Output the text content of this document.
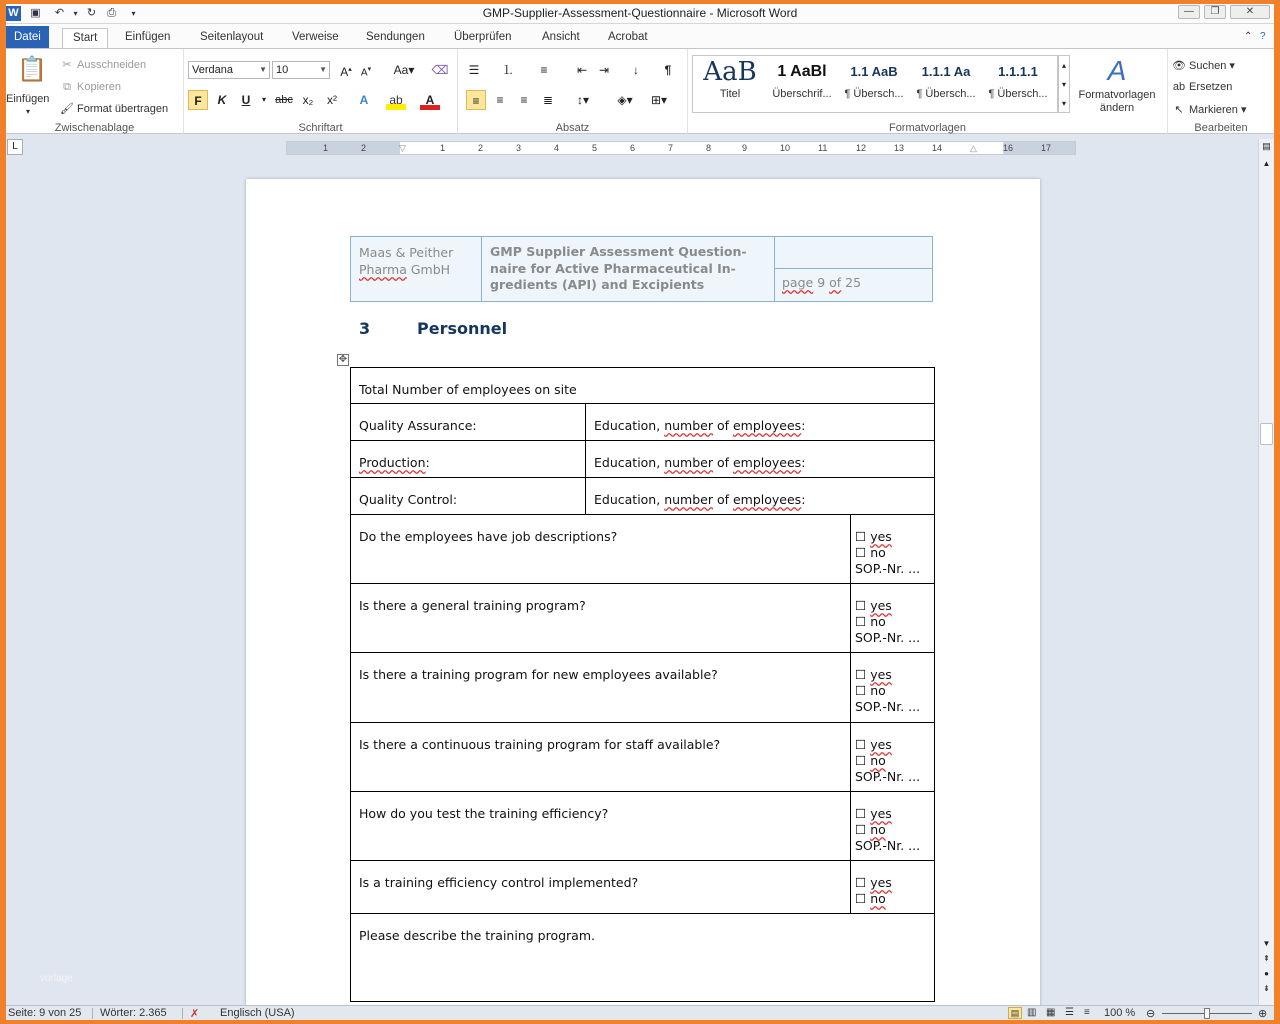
W ▣ ↶	▾ ↻ ⎙	▾	GMP-Supplier-Assessment-Questionnaire - Microsoft Word	—	❐	✕
Datei	Start	Einfügen	Seitenlayout	Verweise	Sendungen	Überprüfen	Ansicht	Acrobat	⌃ ?
📋
Einfügen
▾
✂ Ausschneiden
⧉ Kopieren
🖌 Format übertragen
Zwischenablage
Verdana	▼ 10	▼	A▴ A▾	Aa▾	⌫
F	K	U	▾ abc x₂	x²	A	ab	A
Schriftart
☰	⒈	≡	⇤ ⇥	↓	¶
≡	≡	≡	≣	↕▾	◈▾	⊞▾
Absatz
AaB
Titel
1 AaBl
Überschrif...
1.1 AaB
¶ Übersch...
1.1.1 Aa
¶ Übersch...
1.1.1.1
¶ Übersch...
▴
▾
▾
A
Formatvorlagen ändern
Formatvorlagen
👁 Suchen ▾
ab Ersetzen
↖ Markieren ▾
Bearbeiten
L	1	2	▽	1	2	3	4	5	6	7	8	9	10	11	12	13	14	△	16	17
Maas & Peither
Pharma GmbH
GMP Supplier Assessment Question-
naire for Active Pharmaceutical In-
gredients (API) and Excipients	page 9 of 25
3	Personnel
✥
Total Number of employees on site
Quality Assurance:	Education, number of employees:
Production:	Education, number of employees:
Quality Control:	Education, number of employees:
Do the employees have job descriptions?	☐ yes
☐ no
SOP.-Nr. ...
Is there a general training program?	☐ yes
☐ no
SOP.-Nr. ...
Is there a training program for new employees available?	☐ yes
☐ no
SOP.-Nr. ...
Is there a continuous training program for staff available?	☐ yes
☐ no
SOP.-Nr. ...
How do you test the training efficiency?	☐ yes
☐ no
SOP.-Nr. ...
Is a training efficiency control implemented?	☐ yes
☐ no
Please describe the training program.
▤
▲
▼
⇞
●
⇟
Seite: 9 von 25 Wörter: 2.365 ✗ Englisch (USA)	▤ ▥ ▦ ☰ ≡ 100 % ⊖	⊕
vorlage
